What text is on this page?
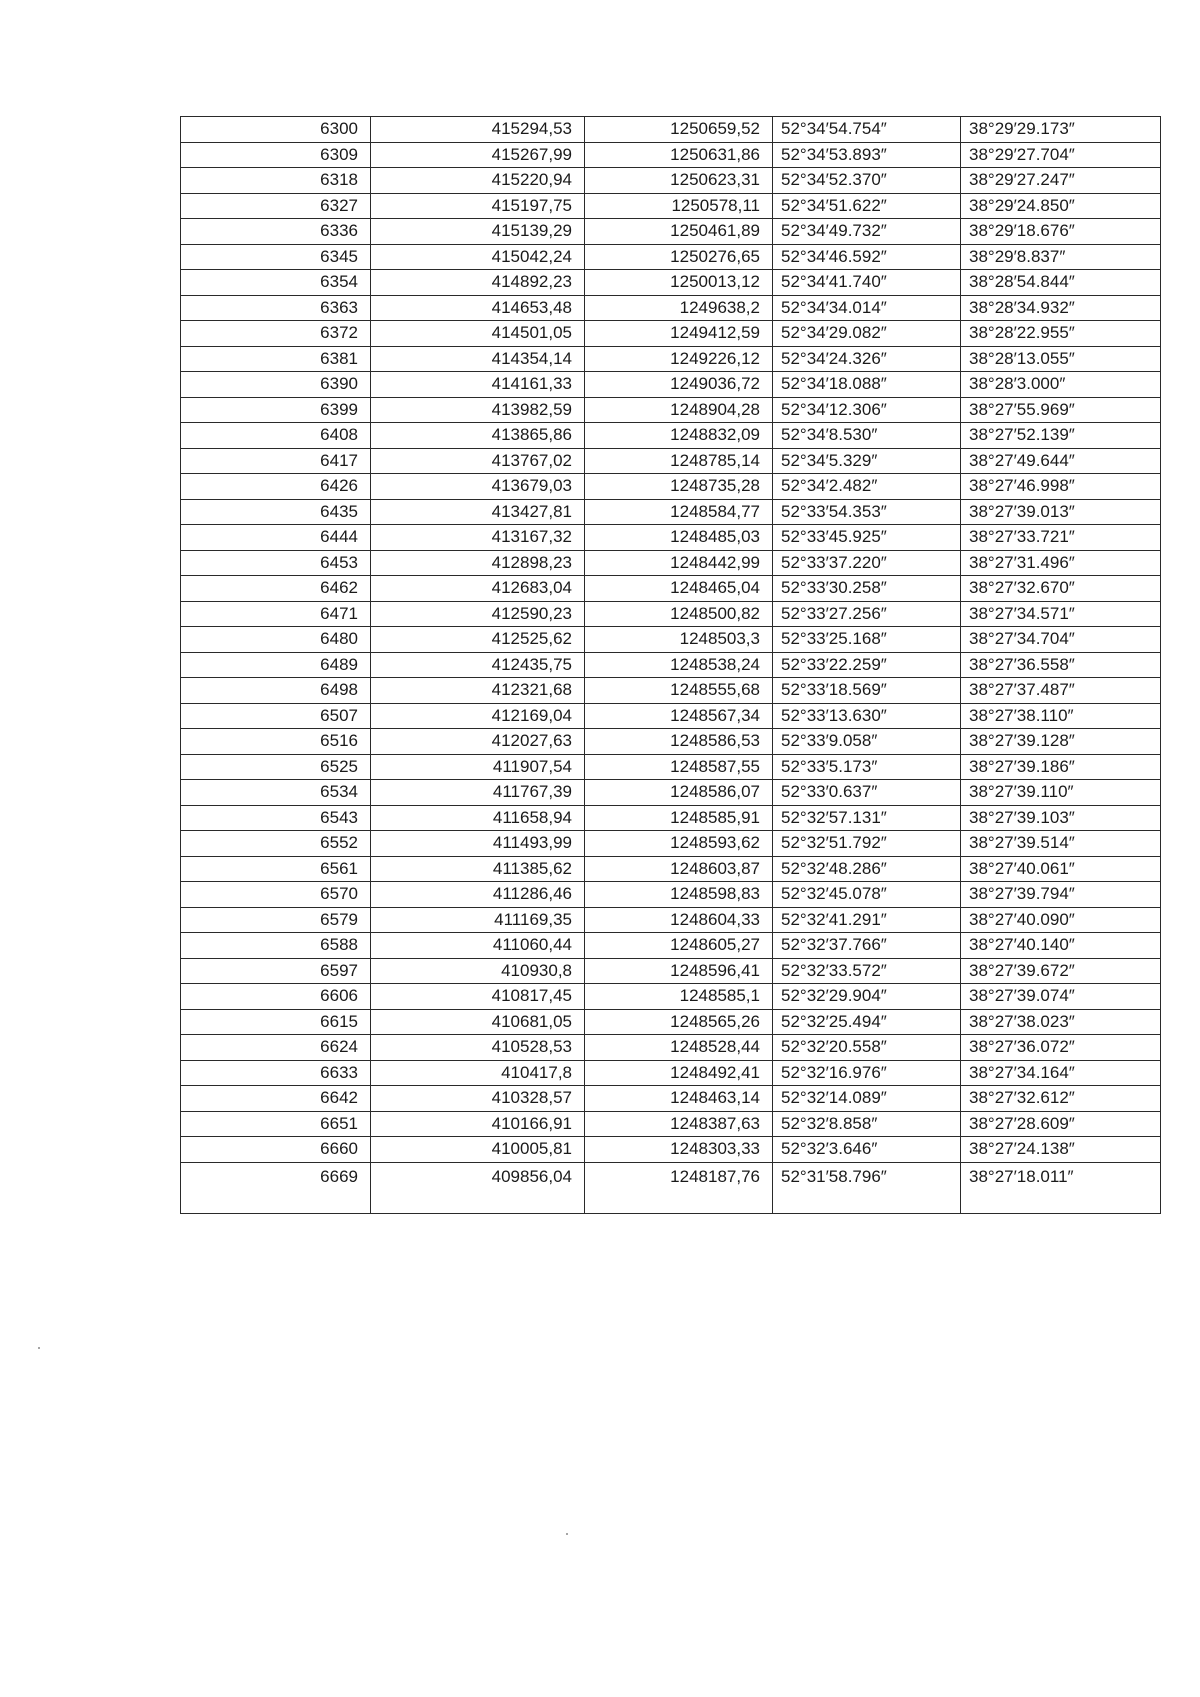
6300	415294,53	1250659,52	52°34′54.754″	38°29′29.173″
6309	415267,99	1250631,86	52°34′53.893″	38°29′27.704″
6318	415220,94	1250623,31	52°34′52.370″	38°29′27.247″
6327	415197,75	1250578,11	52°34′51.622″	38°29′24.850″
6336	415139,29	1250461,89	52°34′49.732″	38°29′18.676″
6345	415042,24	1250276,65	52°34′46.592″	38°29′8.837″
6354	414892,23	1250013,12	52°34′41.740″	38°28′54.844″
6363	414653,48	1249638,2	52°34′34.014″	38°28′34.932″
6372	414501,05	1249412,59	52°34′29.082″	38°28′22.955″
6381	414354,14	1249226,12	52°34′24.326″	38°28′13.055″
6390	414161,33	1249036,72	52°34′18.088″	38°28′3.000″
6399	413982,59	1248904,28	52°34′12.306″	38°27′55.969″
6408	413865,86	1248832,09	52°34′8.530″	38°27′52.139″
6417	413767,02	1248785,14	52°34′5.329″	38°27′49.644″
6426	413679,03	1248735,28	52°34′2.482″	38°27′46.998″
6435	413427,81	1248584,77	52°33′54.353″	38°27′39.013″
6444	413167,32	1248485,03	52°33′45.925″	38°27′33.721″
6453	412898,23	1248442,99	52°33′37.220″	38°27′31.496″
6462	412683,04	1248465,04	52°33′30.258″	38°27′32.670″
6471	412590,23	1248500,82	52°33′27.256″	38°27′34.571″
6480	412525,62	1248503,3	52°33′25.168″	38°27′34.704″
6489	412435,75	1248538,24	52°33′22.259″	38°27′36.558″
6498	412321,68	1248555,68	52°33′18.569″	38°27′37.487″
6507	412169,04	1248567,34	52°33′13.630″	38°27′38.110″
6516	412027,63	1248586,53	52°33′9.058″	38°27′39.128″
6525	411907,54	1248587,55	52°33′5.173″	38°27′39.186″
6534	411767,39	1248586,07	52°33′0.637″	38°27′39.110″
6543	411658,94	1248585,91	52°32′57.131″	38°27′39.103″
6552	411493,99	1248593,62	52°32′51.792″	38°27′39.514″
6561	411385,62	1248603,87	52°32′48.286″	38°27′40.061″
6570	411286,46	1248598,83	52°32′45.078″	38°27′39.794″
6579	411169,35	1248604,33	52°32′41.291″	38°27′40.090″
6588	411060,44	1248605,27	52°32′37.766″	38°27′40.140″
6597	410930,8	1248596,41	52°32′33.572″	38°27′39.672″
6606	410817,45	1248585,1	52°32′29.904″	38°27′39.074″
6615	410681,05	1248565,26	52°32′25.494″	38°27′38.023″
6624	410528,53	1248528,44	52°32′20.558″	38°27′36.072″
6633	410417,8	1248492,41	52°32′16.976″	38°27′34.164″
6642	410328,57	1248463,14	52°32′14.089″	38°27′32.612″
6651	410166,91	1248387,63	52°32′8.858″	38°27′28.609″
6660	410005,81	1248303,33	52°32′3.646″	38°27′24.138″
6669	409856,04	1248187,76	52°31′58.796″	38°27′18.011″
